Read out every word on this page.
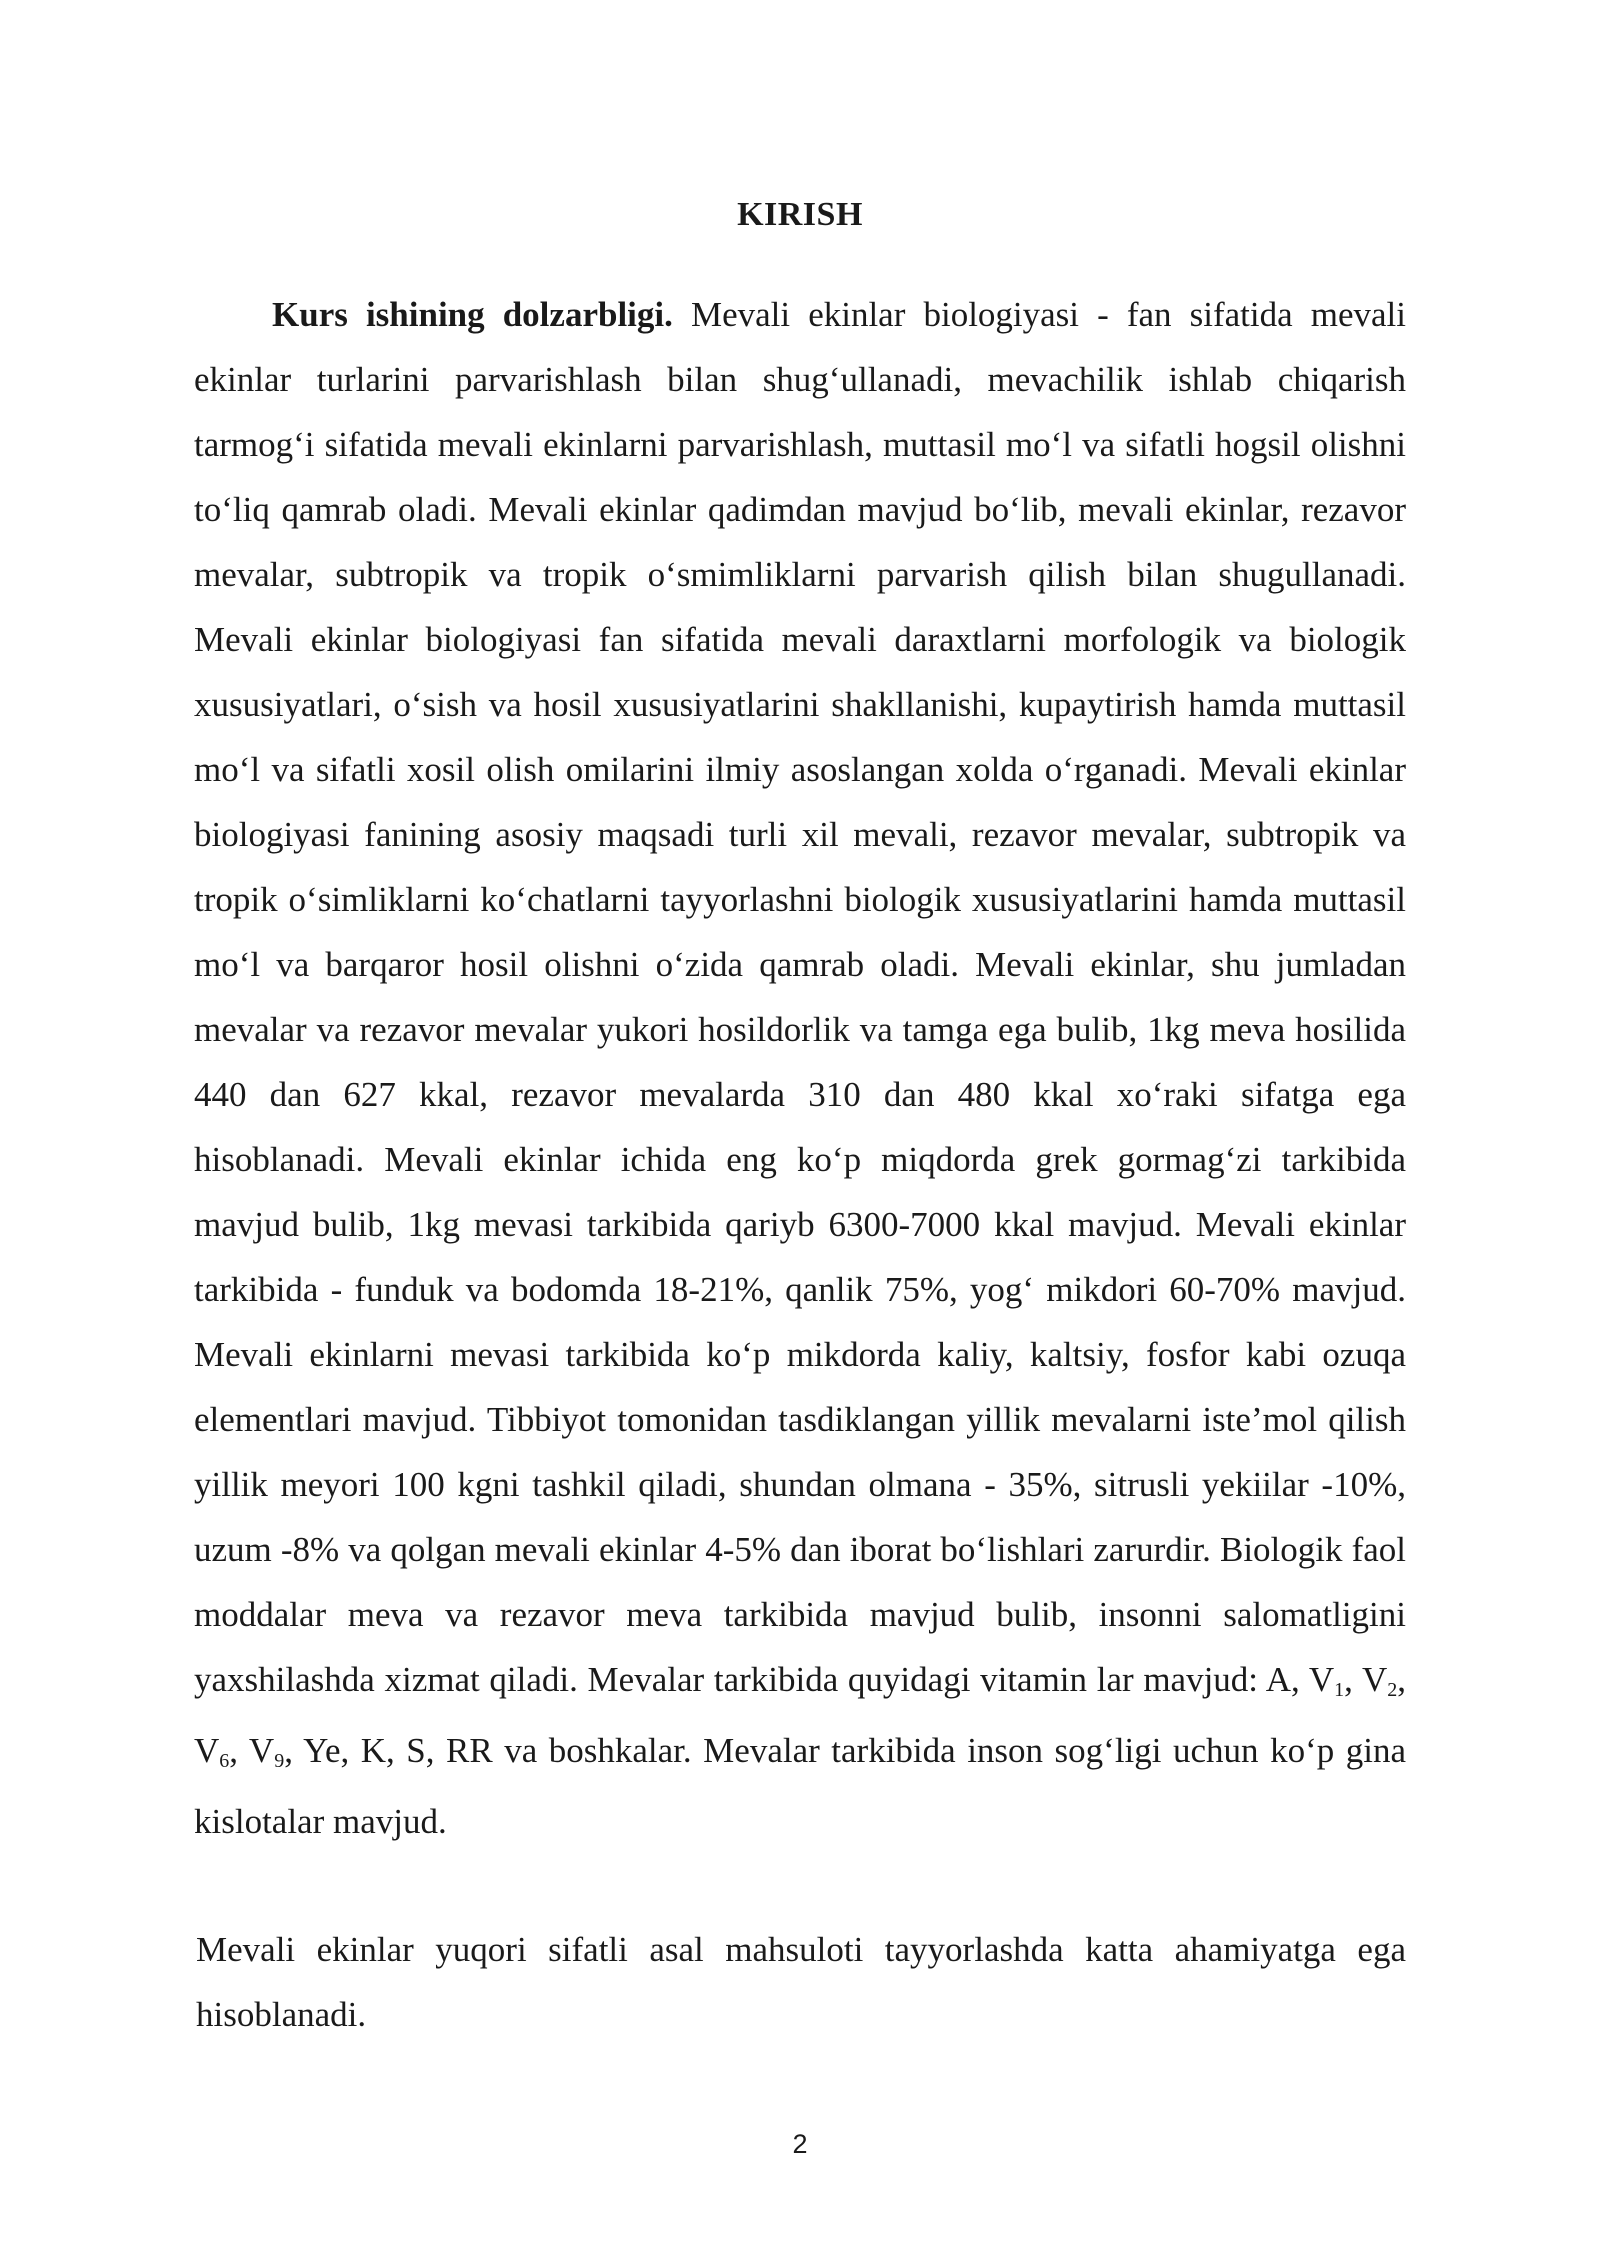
KIRISH

Kurs ishining dolzarbligi. Mevali ekinlar biologiyasi - fan sifatida mevali ekinlar turlarini parvarishlash bilan shug‘ullanadi, mevachilik ishlab chiqarish tarmog‘i sifatida mevali ekinlarni parvarishlash, muttasil mo‘l va sifatli hogsil olishni to‘liq qamrab oladi. Mevali ekinlar qadimdan mavjud bo‘lib, mevali ekinlar, rezavor mevalar, subtropik va tropik o‘smimliklarni parvarish qilish bilan shugullanadi. Mevali ekinlar biologiyasi fan sifatida mevali daraxtlarni morfologik va biologik xususiyatlari, o‘sish va hosil xususiyatlarini shakllanishi, kupaytirish hamda muttasil mo‘l va sifatli xosil olish omilarini ilmiy asoslangan xolda o‘rganadi. Mevali ekinlar biologiyasi fanining asosiy maqsadi turli xil mevali, rezavor mevalar, subtropik va tropik o‘simliklarni ko‘chatlarni tayyorlashni biologik xususiyatlarini hamda muttasil mo‘l va barqaror hosil olishni o‘zida qamrab oladi. Mevali ekinlar, shu jumladan mevalar va rezavor mevalar yukori hosildorlik va tamga ega bulib, 1kg meva hosilida 440 dan 627 kkal, rezavor mevalarda 310 dan 480 kkal xo‘raki sifatga ega hisoblanadi. Mevali ekinlar ichida eng ko‘p miqdorda grek gormag‘zi tarkibida mavjud bulib, 1kg mevasi tarkibida qariyb 6300-7000 kkal mavjud. Mevali ekinlar tarkibida - funduk va bodomda 18-21%, qanlik 75%, yog‘ mikdori 60-70% mavjud. Mevali ekinlarni mevasi tarkibida ko‘p mikdorda kaliy, kaltsiy, fosfor kabi ozuqa elementlari mavjud. Tibbiyot tomonidan tasdiklangan yillik mevalarni iste’mol qilish yillik meyori 100 kgni tashkil qiladi, shundan olmana - 35%, sitrusli yekiilar -10%, uzum -8% va qolgan mevali ekinlar 4-5% dan iborat bo‘lishlari zarurdir. Biologik faol moddalar meva va rezavor meva tarkibida mavjud bulib, insonni salomatligini yaxshilashda xizmat qiladi. Mevalar tarkibida quyidagi vitamin lar mavjud: A, $V_1$, $V_2$, $V_6$, $V_9$, Ye, K, S, RR va boshkalar. Mevalar tarkibida inson sog‘ligi uchun ko‘p gina kislotalar mavjud.

Mevali ekinlar yuqori sifatli asal mahsuloti tayyorlashda katta ahamiyatga ega hisoblanadi.

2
